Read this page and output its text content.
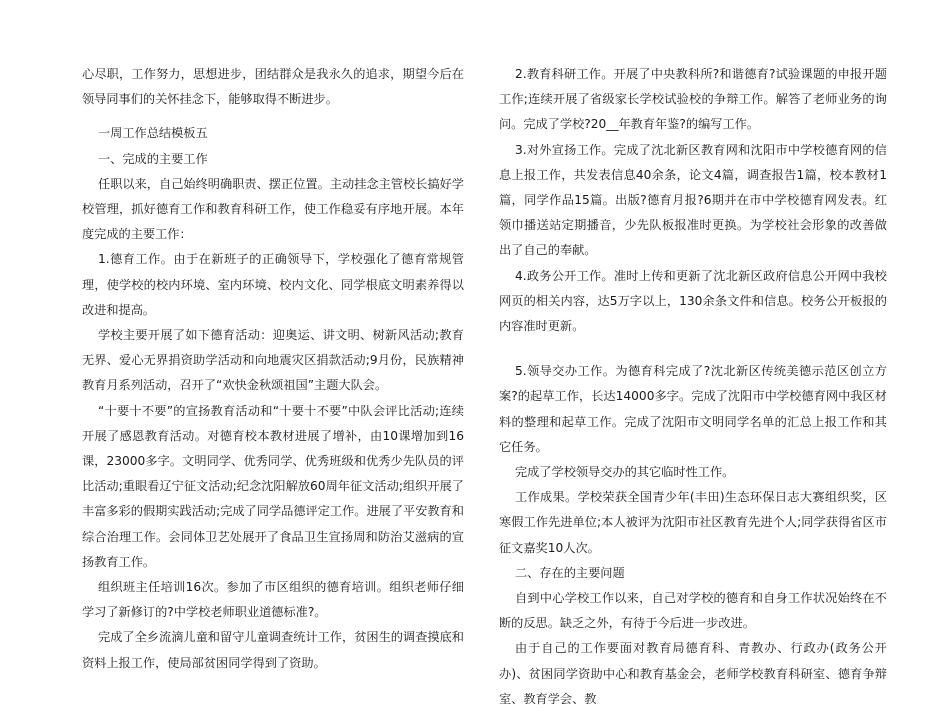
心尽职，工作努力，思想进步，团结群众是我永久的追求，期望今后在领导同事们的关怀挂念下，能够取得不断进步。

一周工作总结模板五

一、完成的主要工作

任职以来，自己始终明确职责、摆正位置。主动挂念主管校长搞好学校管理，抓好德育工作和教育科研工作，使工作稳妥有序地开展。本年度完成的主要工作：

1.德育工作。由于在新班子的正确领导下，学校强化了德育常规管理，使学校的校内环境、室内环境、校内文化、同学根底文明素养得以改进和提高。

学校主要开展了如下德育活动：迎奥运、讲文明、树新风活动;教育无界、爱心无界捐资助学活动和向地震灾区捐款活动;9月份，民族精神教育月系列活动，召开了“欢快金秋颂祖国”主题大队会。

“十要十不要”的宣扬教育活动和“十要十不要”中队会评比活动;连续开展了感恩教育活动。对德育校本教材进展了增补，由10课增加到16课，23000多字。文明同学、优秀同学、优秀班级和优秀少先队员的评比活动;重眼看辽宁征文活动;纪念沈阳解放60周年征文活动;组织开展了丰富多彩的假期实践活动;完成了同学品德评定工作。进展了平安教育和综合治理工作。会同体卫艺处展开了食品卫生宣扬周和防治艾滋病的宣扬教育工作。

组织班主任培训16次。参加了市区组织的德育培训。组织老师仔细学习了新修订的?中学校老师职业道德标准?。

完成了全乡流滴儿童和留守儿童调查统计工作，贫困生的调查摸底和资料上报工作，使局部贫困同学得到了资助。

2.教育科研工作。开展了中央教科所?和谐德育?试验课题的申报开题工作;连续开展了省级家长学校试验校的争辩工作。解答了老师业务的询问。完成了学校?20__年教育年鉴?的编写工作。

3.对外宣扬工作。完成了沈北新区教育网和沈阳市中学校德育网的信息上报工作，共发表信息40余条，论文4篇，调查报告1篇，校本教材1篇，同学作品15篇。出版?德育月报?6期并在市中学校德育网发表。红领巾播送站定期播音，少先队板报准时更换。为学校社会形象的改善做出了自己的奉献。

4.政务公开工作。准时上传和更新了沈北新区政府信息公开网中我校网页的相关内容，达5万字以上，130余条文件和信息。校务公开板报的内容准时更新。

5.领导交办工作。为德育科完成了?沈北新区传统美德示范区创立方案?的起草工作，长达14000多字。完成了沈阳市中学校德育网中我区材料的整理和起草工作。完成了沈阳市文明同学名单的汇总上报工作和其它任务。

完成了学校领导交办的其它临时性工作。

工作成果。学校荣获全国青少年(丰田)生态环保日志大赛组织奖，区寒假工作先进单位;本人被评为沈阳市社区教育先进个人;同学获得省区市征文嘉奖10人次。

二、存在的主要问题

自到中心学校工作以来，自己对学校的德育和自身工作状况始终在不断的反思。缺乏之外，有待于今后进一步改进。

由于自己的工作要面对教育局德育科、青教办、行政办(政务公开办)、贫困同学资助中心和教育基金会，老师学校教育科研室、德育争辩室、教育学会、教
